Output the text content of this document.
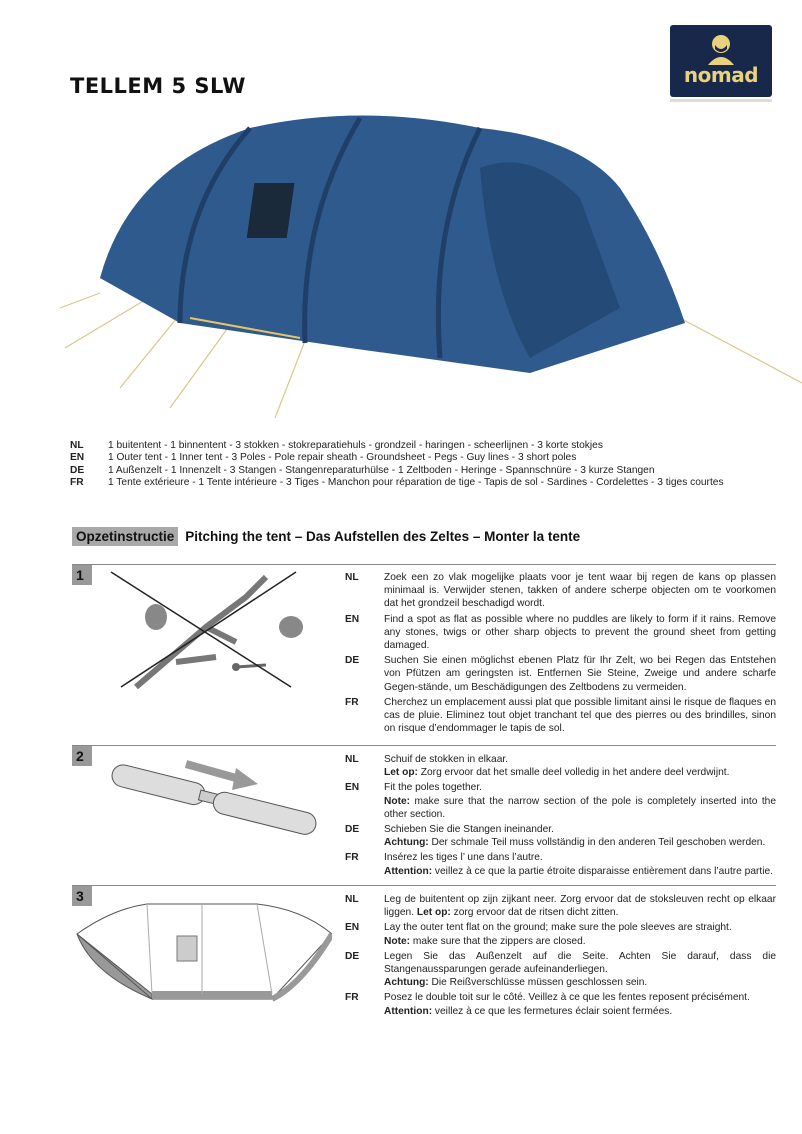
TELLEM 5 SLW	nomad
NL	1 buitentent - 1 binnentent - 3 stokken - stokreparatiehuls - grondzeil - haringen - scheerlijnen - 3 korte stokjes
EN	1 Outer tent - 1 Inner tent - 3 Poles - Pole repair sheath - Groundsheet - Pegs - Guy lines - 3 short poles
DE	1 Außenzelt - 1 Innenzelt - 3 Stangen - Stangenreparaturhülse - 1 Zeltboden - Heringe - Spannschnüre - 3 kurze Stangen
FR	1 Tente extérieure - 1 Tente intérieure - 3 Tiges - Manchon pour réparation de tige - Tapis de sol - Sardines - Cordelettes - 3 tiges courtes
Opzetinstructie Pitching the tent – Das Aufstellen des Zeltes – Monter la tente
1	NL	Zoek een zo vlak mogelijke plaats voor je tent waar bij regen de kans op plassen minimaal is. Verwijder stenen, takken of andere scherpe objecten om te voorkomen dat het grondzeil beschadigd wordt.
EN	Find a spot as flat as possible where no puddles are likely to form if it rains. Remove any stones, twigs or other sharp objects to prevent the ground sheet from getting damaged.
DE	Suchen Sie einen möglichst ebenen Platz für Ihr Zelt, wo bei Regen das Entstehen von Pfützen am geringsten ist. Entfernen Sie Steine, Zweige und andere scharfe Gegen-stände, um Beschädigungen des Zeltbodens zu vermeiden.
FR	Cherchez un emplacement aussi plat que possible limitant ainsi le risque de flaques en cas de pluie. Eliminez tout objet tranchant tel que des pierres ou des brindilles, sinon on risque d’endommager le tapis de sol.
2	NL	Schuif de stokken in elkaar.
Let op: Zorg ervoor dat het smalle deel volledig in het andere deel verdwijnt.
EN	Fit the poles together.
Note: make sure that the narrow section of the pole is completely inserted into the other section.
DE	Schieben Sie die Stangen ineinander.
Achtung: Der schmale Teil muss vollständig in den anderen Teil geschoben werden.
FR	Insérez les tiges l’ une dans l’autre.
Attention: veillez à ce que la partie étroite disparaisse entièrement dans l’autre partie.
3	NL	Leg de buitentent op zijn zijkant neer. Zorg ervoor dat de stoksleuven recht op elkaar liggen. Let op: zorg ervoor dat de ritsen dicht zitten.
EN	Lay the outer tent flat on the ground; make sure the pole sleeves are straight.
Note: make sure that the zippers are closed.
DE	Legen Sie das Außenzelt auf die Seite. Achten Sie darauf, dass die Stangenaussparungen gerade aufeinanderliegen.
Achtung: Die Reißverschlüsse müssen geschlossen sein.
FR	Posez le double toit sur le côté. Veillez à ce que les fentes reposent précisément.
Attention: veillez à ce que les fermetures éclair soient fermées.
